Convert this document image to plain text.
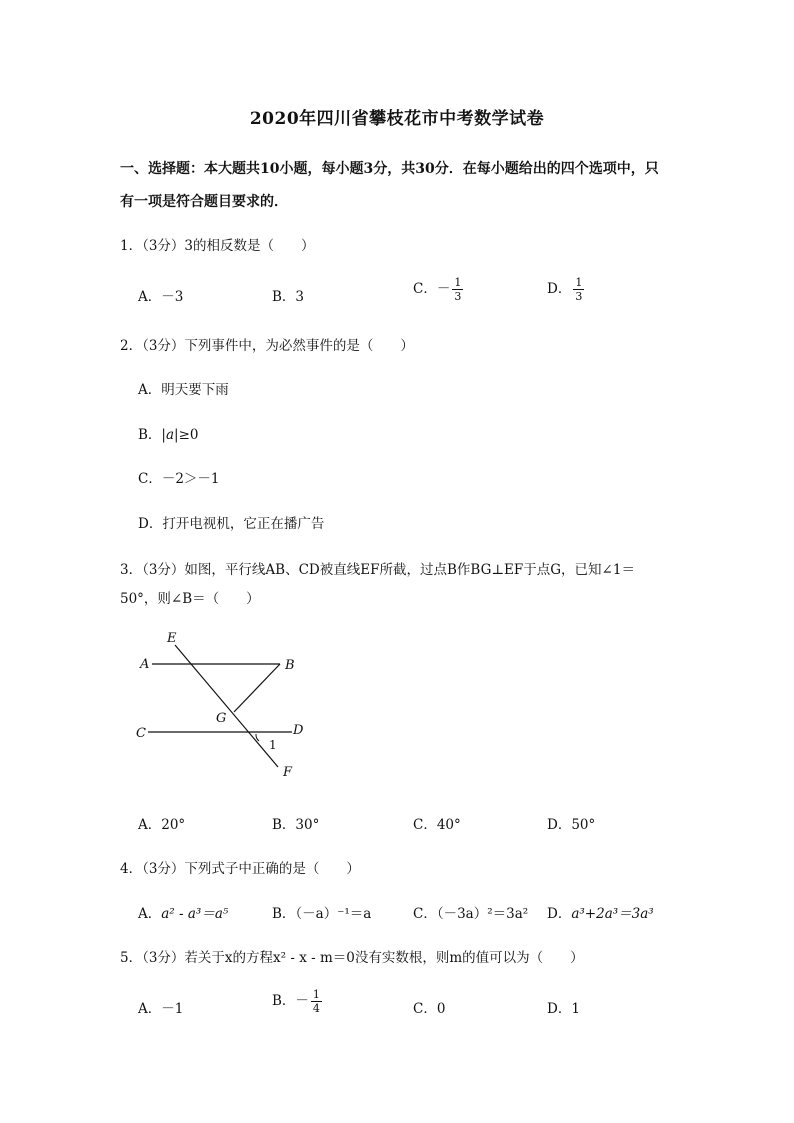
2020年四川省攀枝花市中考数学试卷
一、选择题：本大题共10小题，每小题3分，共30分．在每小题给出的四个选项中，只
有一项是符合题目要求的．
1．（3分）3的相反数是（　　）
A．－3	B．3	C．－ $\frac{1}{3}$	D． $\frac{1}{3}$
2．（3分）下列事件中，为必然事件的是（　　）
A．明天要下雨
B．|a|≥0
C．－2＞－1
D．打开电视机，它正在播广告
3．（3分）如图，平行线AB、CD被直线EF所截，过点B作BG⊥EF于点G，已知∠1＝
50°，则∠B＝（　　）
E
A	B
G
C	D
1
F
A．20°	B．30°	C．40°	D．50°
4．（3分）下列式子中正确的是（　　）
A．a² - a³＝a⁵	B．（－a）⁻¹＝a	C．（－3a）²＝3a² D．a³+2a³＝3a³
5．（3分）若关于x的方程x² - x - m＝0没有实数根，则m的值可以为（　　）
A．－1	B．－ $\frac{1}{4}$	C．0	D．1
